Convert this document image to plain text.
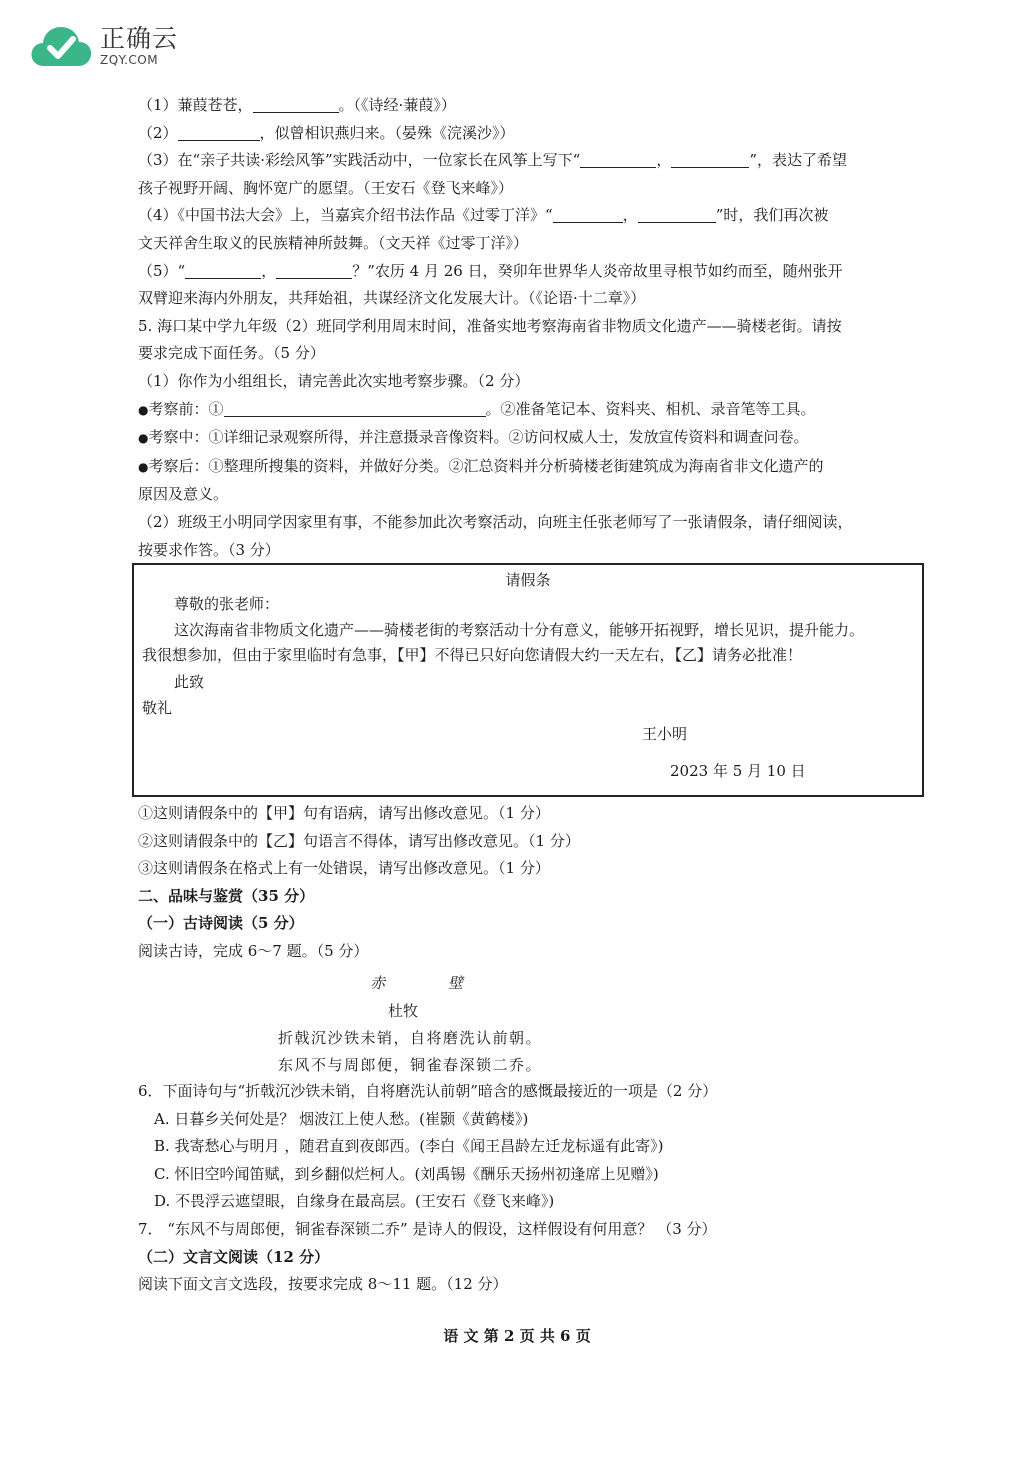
正确云
ZQY.COM
（1）蒹葭苍苍，	。（《诗经·蒹葭》）
（2）	，似曾相识燕归来。（晏殊《浣溪沙》）
（3）在“亲子共读·彩绘风筝”实践活动中，一位家长在风筝上写下“	，	”，表达了希望
孩子视野开阔、胸怀宽广的愿望。（王安石《登飞来峰》）
（4）《中国书法大会》上，当嘉宾介绍书法作品《过零丁洋》“	，	”时，我们再次被
文天祥舍生取义的民族精神所鼓舞。（文天祥《过零丁洋》）
（5）“	，	？”农历 4 月 26 日，癸卯年世界华人炎帝故里寻根节如约而至，随州张开
双臂迎来海内外朋友，共拜始祖，共谋经济文化发展大计。（《论语·十二章》）
5. 海口某中学九年级（2）班同学利用周末时间，准备实地考察海南省非物质文化遗产——骑楼老街。请按
要求完成下面任务。（5 分）
（1）你作为小组组长，请完善此次实地考察步骤。（2 分）
●考察前：①	。②准备笔记本、资料夹、相机、录音笔等工具。
●考察中：①详细记录观察所得，并注意摄录音像资料。②访问权威人士，发放宣传资料和调查问卷。
●考察后：①整理所搜集的资料，并做好分类。②汇总资料并分析骑楼老街建筑成为海南省非文化遗产的
原因及意义。
（2）班级王小明同学因家里有事，不能参加此次考察活动，向班主任张老师写了一张请假条，请仔细阅读，
按要求作答。（3 分）
请假条
尊敬的张老师：
这次海南省非物质文化遗产——骑楼老街的考察活动十分有意义，能够开拓视野，增长见识，提升能力。
我很想参加，但由于家里临时有急事，【甲】不得已只好向您请假大约一天左右，【乙】请务必批准！
此致
敬礼
王小明
2023 年 5 月 10 日
①这则请假条中的【甲】句有语病，请写出修改意见。（1 分）
②这则请假条中的【乙】句语言不得体，请写出修改意见。（1 分）
③这则请假条在格式上有一处错误，请写出修改意见。（1 分）
二、品味与鉴赏（35 分）
（一）古诗阅读（5 分）
阅读古诗，完成 6～7 题。（5 分）
赤	壁
杜牧
折戟沉沙铁未销，自将磨洗认前朝。
东风不与周郎便，铜雀春深锁二乔。
6．下面诗句与“折戟沉沙铁未销，自将磨洗认前朝”暗含的感慨最接近的一项是（2 分）
A. 日暮乡关何处是？ 烟波江上使人愁。(崔颢《黄鹤楼》)
B. 我寄愁心与明月 ，随君直到夜郎西。(李白《闻王昌龄左迁龙标遥有此寄》)
C. 怀旧空吟闻笛赋，到乡翻似烂柯人。(刘禹锡《酬乐天扬州初逢席上见赠》)
D. 不畏浮云遮望眼，自缘身在最高层。(王安石《登飞来峰》)
7． “东风不与周郎便，铜雀春深锁二乔” 是诗人的假设，这样假设有何用意？ （3 分）
（二）文言文阅读（12 分）
阅读下面文言文选段，按要求完成 8～11 题。（12 分）
语 文 第 2 页 共 6 页
